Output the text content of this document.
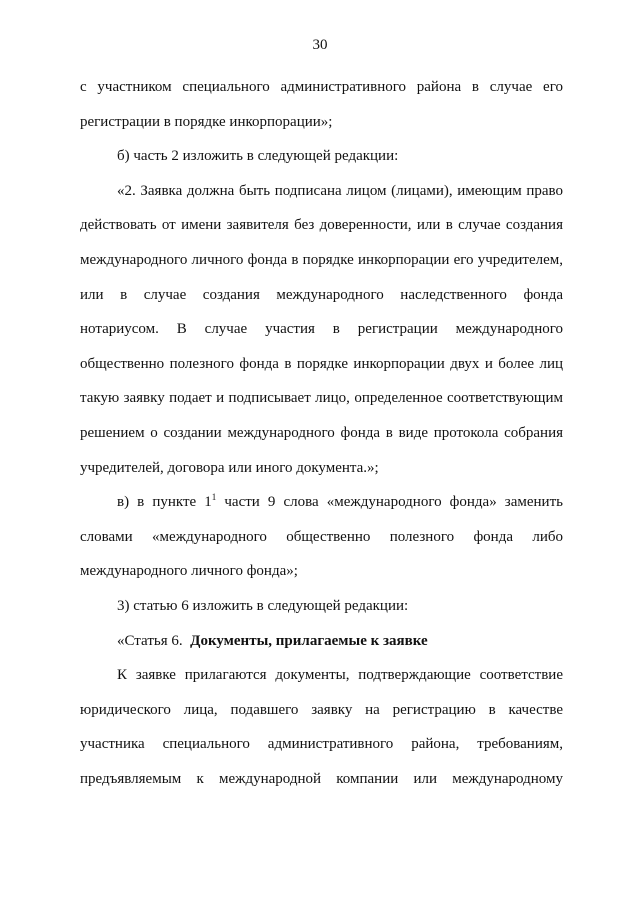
30
с участником специального административного района в случае его
регистрации в порядке инкорпорации»;
б) часть 2 изложить в следующей редакции:
«2. Заявка должна быть подписана лицом (лицами), имеющим право
действовать от имени заявителя без доверенности, или в случае создания
международного личного фонда в порядке инкорпорации его учредителем,
или в случае создания международного наследственного фонда
нотариусом. В случае участия в регистрации международного
общественно полезного фонда в порядке инкорпорации двух и более лиц
такую заявку подает и подписывает лицо, определенное соответствующим
решением о создании международного фонда в виде протокола собрания
учредителей, договора или иного документа.»;
в) в пункте $1^1$ части 9 слова «международного фонда» заменить
словами «международного общественно полезного фонда либо
международного личного фонда»;
3) статью 6 изложить в следующей редакции:
«Статья 6. Документы, прилагаемые к заявке
К заявке прилагаются документы, подтверждающие соответствие
юридического лица, подавшего заявку на регистрацию в качестве
участника специального административного района, требованиям,
предъявляемым к международной компании или международному
